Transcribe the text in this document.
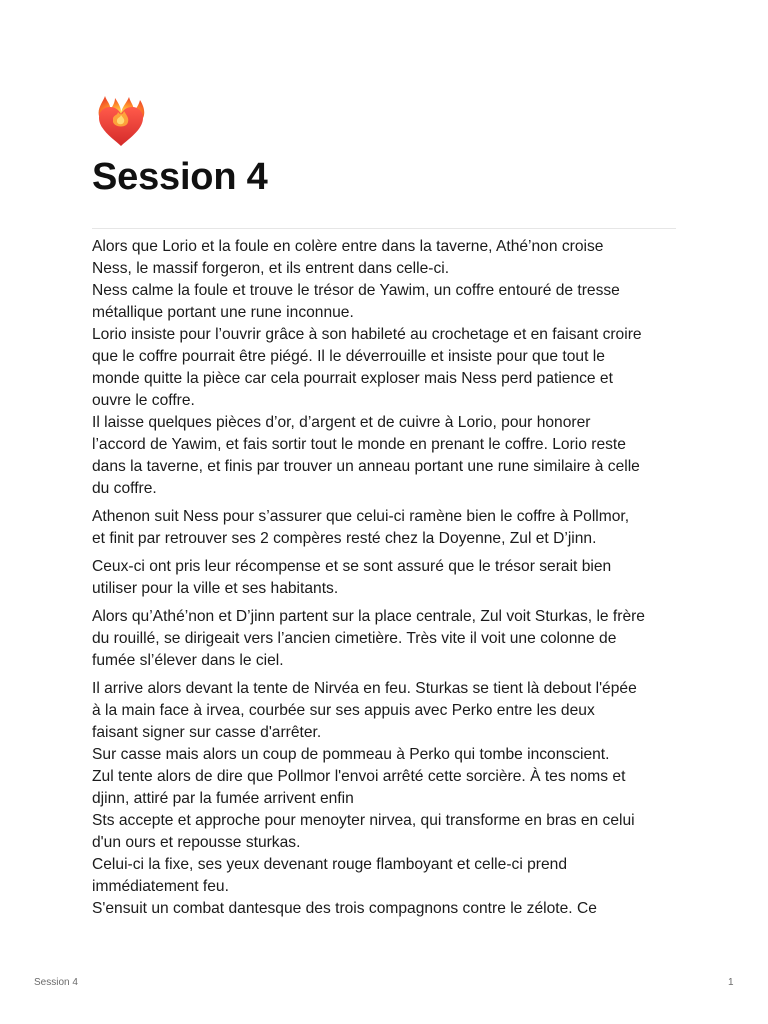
Session 4

Alors que Lorio et la foule en colère entre dans la taverne, Athé’non croise
Ness, le massif forgeron, et ils entrent dans celle-ci.
Ness calme la foule et trouve le trésor de Yawim, un coffre entouré de tresse
métallique portant une rune inconnue.
Lorio insiste pour l’ouvrir grâce à son habileté au crochetage et en faisant croire
que le coffre pourrait être piégé. Il le déverrouille et insiste pour que tout le
monde quitte la pièce car cela pourrait exploser mais Ness perd patience et
ouvre le coffre.
Il laisse quelques pièces d’or, d’argent et de cuivre à Lorio, pour honorer
l’accord de Yawim, et fais sortir tout le monde en prenant le coffre. Lorio reste
dans la taverne, et finis par trouver un anneau portant une rune similaire à celle
du coffre.

Athenon suit Ness pour s’assurer que celui-ci ramène bien le coffre à Pollmor,
et finit par retrouver ses 2 compères resté chez la Doyenne, Zul et D’jinn.

Ceux-ci ont pris leur récompense et se sont assuré que le trésor serait bien
utiliser pour la ville et ses habitants.

Alors qu’Athé’non et D’jinn partent sur la place centrale, Zul voit Sturkas, le frère
du rouillé, se dirigeait vers l’ancien cimetière. Très vite il voit une colonne de
fumée sl’élever dans le ciel.

Il arrive alors devant la tente de Nirvéa en feu. Sturkas se tient là debout l'épée
à la main face à irvea, courbée sur ses appuis avec Perko entre les deux
faisant signer sur casse d'arrêter.
Sur casse mais alors un coup de pommeau à Perko qui tombe inconscient.
Zul tente alors de dire que Pollmor l'envoi arrêté cette sorcière. À tes noms et
djinn, attiré par la fumée arrivent enfin
Sts accepte et approche pour menoyter nirvea, qui transforme en bras en celui
d'un ours et repousse sturkas.
Celui-ci la fixe, ses yeux devenant rouge flamboyant et celle-ci prend
immédiatement feu.
S'ensuit un combat dantesque des trois compagnons contre le zélote. Ce

Session 4	1
